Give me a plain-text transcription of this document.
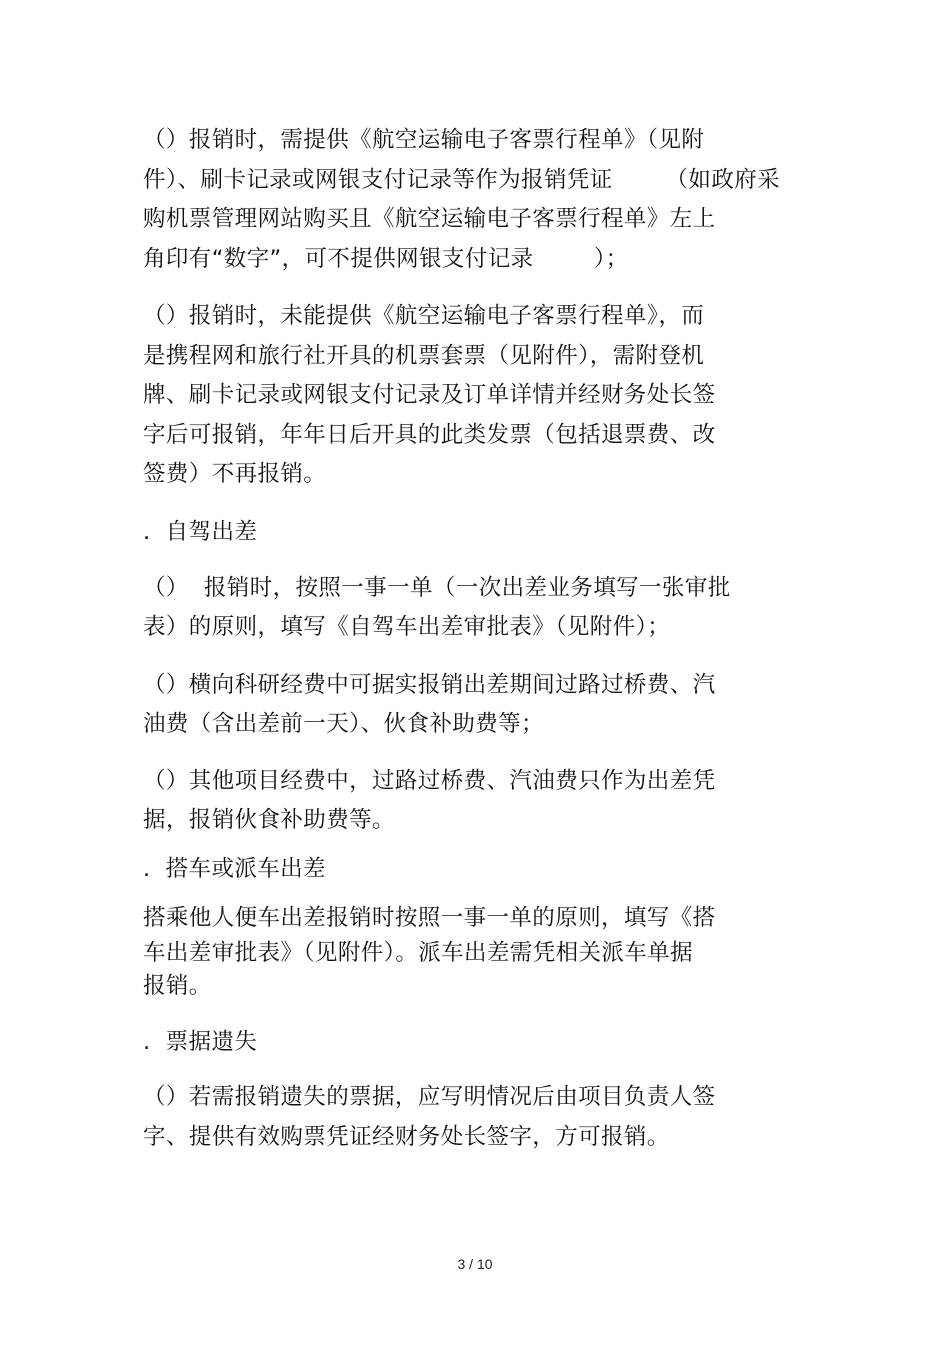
（）报销时，需提供《航空运输电子客票行程单》（见附
件）、刷卡记录或网银支付记录等作为报销凭证       （如政府采
购机票管理网站购买且《航空运输电子客票行程单》左上
角印有“数字”，可不提供网银支付记录        ）；
（）报销时，未能提供《航空运输电子客票行程单》，而
是携程网和旅行社开具的机票套票（见附件），需附登机
牌、刷卡记录或网银支付记录及订单详情并经财务处长签
字后可报销，年年日后开具的此类发票（包括退票费、改
签费）不再报销。
.  自驾出差
（）  报销时，按照一事一单（一次出差业务填写一张审批
表）的原则，填写《自驾车出差审批表》（见附件）；
（）横向科研经费中可据实报销出差期间过路过桥费、汽
油费（含出差前一天）、伙食补助费等；
（）其他项目经费中，过路过桥费、汽油费只作为出差凭
据，报销伙食补助费等。
.  搭车或派车出差
搭乘他人便车出差报销时按照一事一单的原则，填写《搭
车出差审批表》（见附件）。派车出差需凭相关派车单据
报销。
.  票据遗失
（）若需报销遗失的票据，应写明情况后由项目负责人签
字、提供有效购票凭证经财务处长签字，方可报销。
3 / 10
